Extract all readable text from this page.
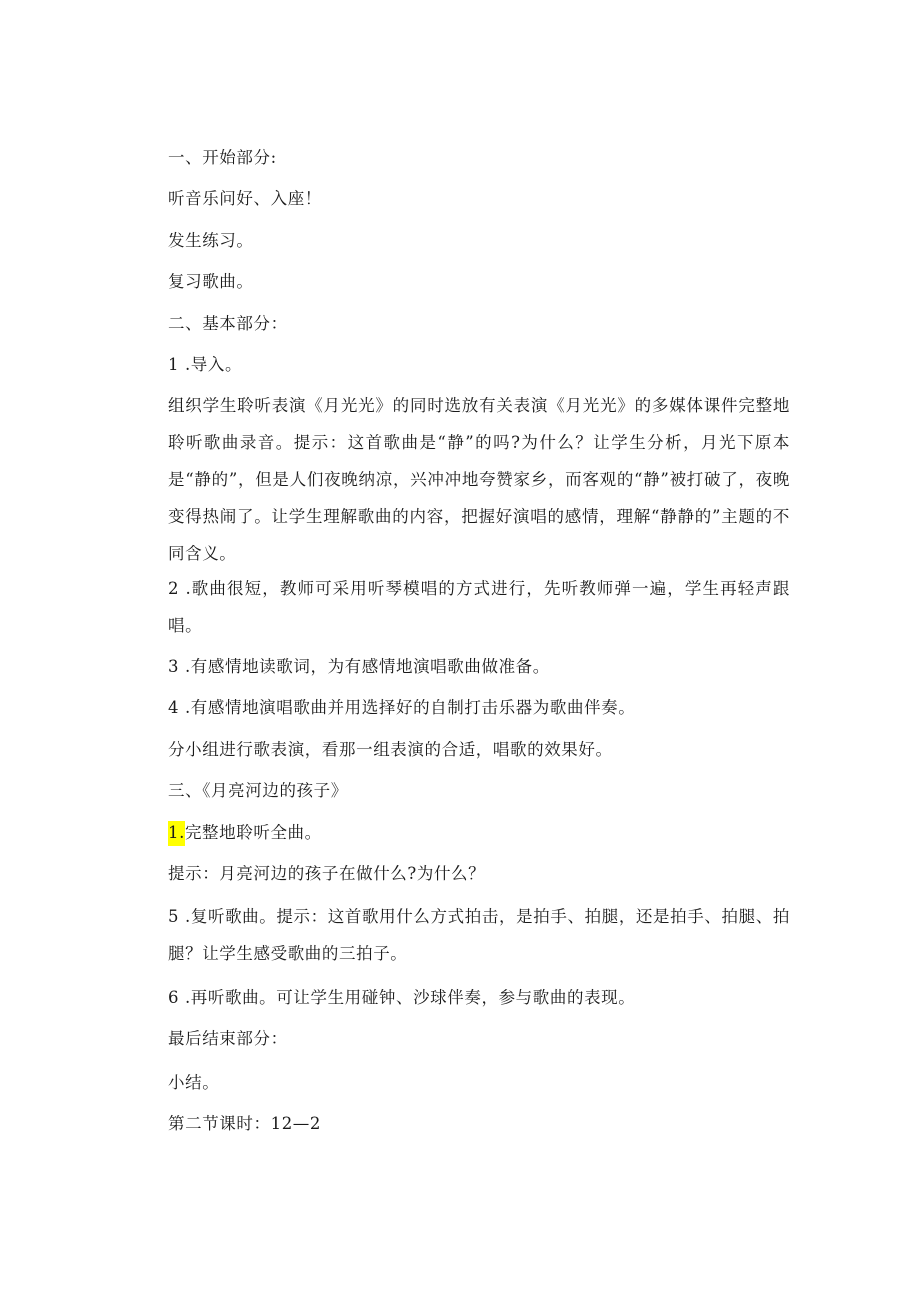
一、开始部分:
听音乐问好、入座！
发生练习。
复习歌曲。
二、基本部分：
1 .导入。
组织学生聆听表演《月光光》的同时选放有关表演《月光光》的多媒体课件完整地聆听歌曲录音。提示：这首歌曲是“静”的吗?为什么？让学生分析，月光下原本是“静的”，但是人们夜晚纳凉，兴冲冲地夸赞家乡，而客观的“静”被打破了，夜晚变得热闹了。让学生理解歌曲的内容，把握好演唱的感情，理解“静静的”主题的不同含义。
2 .歌曲很短，教师可采用听琴模唱的方式进行，先听教师弹一遍，学生再轻声跟唱。
3 .有感情地读歌词，为有感情地演唱歌曲做准备。
4 .有感情地演唱歌曲并用选择好的自制打击乐器为歌曲伴奏。
分小组进行歌表演，看那一组表演的合适，唱歌的效果好。
三、《月亮河边的孩子》
1.完整地聆听全曲。
提示：月亮河边的孩子在做什么?为什么？
5 .复听歌曲。提示：这首歌用什么方式拍击，是拍手、拍腿，还是拍手、拍腿、拍腿？让学生感受歌曲的三拍子。
6 .再听歌曲。可让学生用碰钟、沙球伴奏，参与歌曲的表现。
最后结束部分：
小结。
第二节课时：12—2
